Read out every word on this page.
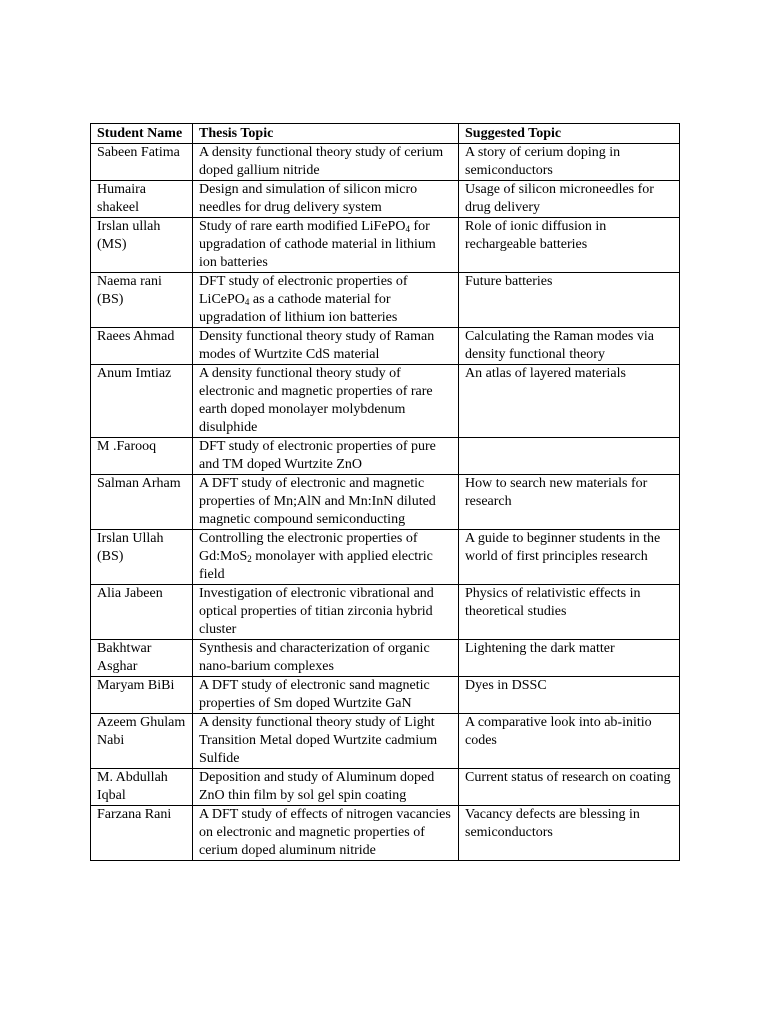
Student Name	Thesis Topic	Suggested Topic
Sabeen Fatima	A density functional theory study of cerium doped gallium nitride	A story of cerium doping in semiconductors
Humaira shakeel	Design and simulation of silicon micro needles for drug delivery system	Usage of silicon microneedles for drug delivery
Irslan ullah (MS)	Study of rare earth modified LiFePO$_4$ for upgradation of cathode material in lithium ion batteries	Role of ionic diffusion in rechargeable batteries
Naema rani (BS)	DFT study of electronic properties of LiCePO$_4$ as a cathode material for upgradation of lithium ion batteries	Future batteries
Raees Ahmad	Density functional theory study of Raman modes of Wurtzite CdS material	Calculating the Raman modes via density functional theory
Anum Imtiaz	A density functional theory study of electronic and magnetic properties of rare earth doped monolayer molybdenum disulphide	An atlas of layered materials
M .Farooq	DFT study of electronic properties of pure and TM doped Wurtzite ZnO	
Salman Arham	A DFT study of electronic and magnetic properties of Mn;AlN and Mn:InN diluted magnetic compound semiconducting	How to search new materials for research
Irslan Ullah (BS)	Controlling the electronic properties of Gd:MoS$_2$ monolayer with applied electric field	A guide to beginner students in the world of first principles research
Alia Jabeen	Investigation of electronic vibrational and optical properties of titian zirconia hybrid cluster	Physics of relativistic effects in theoretical studies
Bakhtwar Asghar	Synthesis and characterization of organic nano-barium complexes	Lightening the dark matter
Maryam BiBi	A DFT study of electronic sand magnetic properties of Sm doped Wurtzite GaN	Dyes in DSSC
Azeem Ghulam Nabi	A density functional theory study of Light Transition Metal doped Wurtzite cadmium Sulfide	A comparative look into ab-initio codes
M. Abdullah Iqbal	Deposition and study of Aluminum doped ZnO thin film by sol gel spin coating	Current status of research on coating
Farzana Rani	A DFT study of effects of nitrogen vacancies on electronic and magnetic properties of cerium doped aluminum nitride	Vacancy defects are blessing in semiconductors
